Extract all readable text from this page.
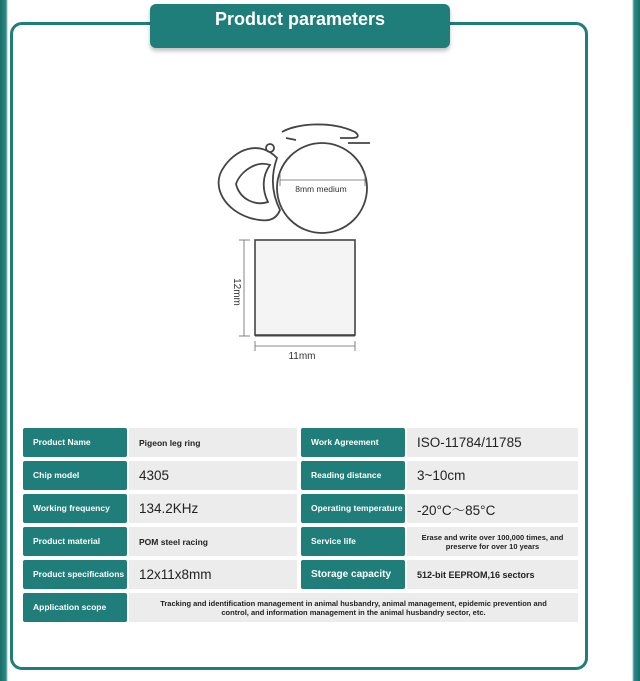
Product parameters
8mm medium
12mm
11mm
Product Name	Pigeon leg ring	Work Agreement	ISO-11784/11785
Chip model	4305	Reading distance	3~10cm
Working frequency	134.2KHz	Operating temperature	-20°C～85°C
Product material	POM steel racing	Service life	Erase and write over 100,000 times, and preserve for over 10 years
Product specifications	12x11x8mm	Storage capacity	512-bit EEPROM,16 sectors
Application scope	Tracking and identification management in animal husbandry, animal management, epidemic prevention and control, and information management in the animal husbandry sector, etc.
